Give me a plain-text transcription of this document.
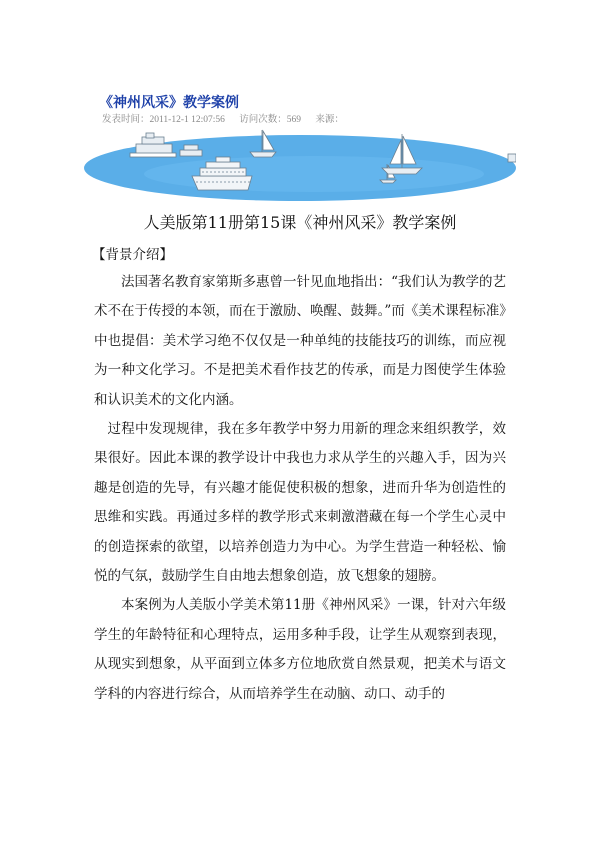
《神州风采》教学案例
发表时间：2011-12-1 12:07:56 访问次数：569 来源：
人美版第11册第15课《神州风采》教学案例
【背景介绍】

法国著名教育家第斯多惠曾一针见血地指出：“我们认为教学的艺术不在于传授的本领，而在于激励、唤醒、鼓舞。”而《美术课程标准》中也提倡：美术学习绝不仅仅是一种单纯的技能技巧的训练，而应视为一种文化学习。不是把美术看作技艺的传承，而是力图使学生体验和认识美术的文化内涵。

过程中发现规律，我在多年教学中努力用新的理念来组织教学，效果很好。因此本课的教学设计中我也力求从学生的兴趣入手，因为兴趣是创造的先导，有兴趣才能促使积极的想象，进而升华为创造性的思维和实践。再通过多样的教学形式来刺激潜藏在每一个学生心灵中的创造探索的欲望，以培养创造力为中心。为学生营造一种轻松、愉悦的气氛，鼓励学生自由地去想象创造，放飞想象的翅膀。

本案例为人美版小学美术第11册《神州风采》一课，针对六年级学生的年龄特征和心理特点，运用多种手段，让学生从观察到表现，从现实到想象，从平面到立体多方位地欣赏自然景观，把美术与语文学科的内容进行综合，从而培养学生在动脑、动口、动手的
